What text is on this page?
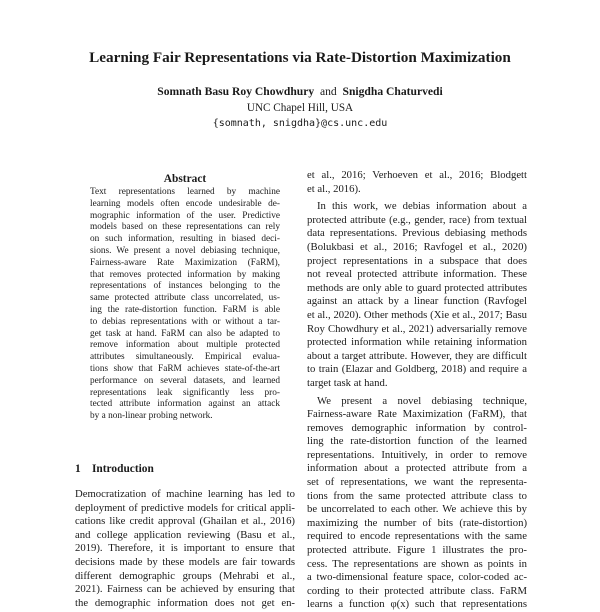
Learning Fair Representations via Rate-Distortion Maximization
Somnath Basu Roy Chowdhury and Snigdha Chaturvedi
UNC Chapel Hill, USA
{somnath, snigdha}@cs.unc.edu
Abstract
Text representations learned by machine
learning models often encode undesirable de-
mographic information of the user. Predictive
models based on these representations can rely
on such information, resulting in biased deci-
sions. We present a novel debiasing technique,
Fairness-aware Rate Maximization (FaRM),
that removes protected information by making
representations of instances belonging to the
same protected attribute class uncorrelated, us-
ing the rate-distortion function. FaRM is able
to debias representations with or without a tar-
get task at hand. FaRM can also be adapted to
remove information about multiple protected
attributes simultaneously. Empirical evalua-
tions show that FaRM achieves state-of-the-art
performance on several datasets, and learned
representations leak significantly less pro-
tected attribute information against an attack
by a non-linear probing network.
1 Introduction
Democratization of machine learning has led to
deployment of predictive models for critical appli-
cations like credit approval (Ghailan et al., 2016)
and college application reviewing (Basu et al.,
2019). Therefore, it is important to ensure that
decisions made by these models are fair towards
different demographic groups (Mehrabi et al.,
2021). Fairness can be achieved by ensuring that
the demographic information does not get en-
et al., 2016; Verhoeven et al., 2016; Blodgett
et al., 2016).
In this work, we debias information about a
protected attribute (e.g., gender, race) from textual
data representations. Previous debiasing methods
(Bolukbasi et al., 2016; Ravfogel et al., 2020)
project representations in a subspace that does
not reveal protected attribute information. These
methods are only able to guard protected attributes
against an attack by a linear function (Ravfogel
et al., 2020). Other methods (Xie et al., 2017; Basu
Roy Chowdhury et al., 2021) adversarially remove
protected information while retaining information
about a target attribute. However, they are difficult
to train (Elazar and Goldberg, 2018) and require a
target task at hand.
We present a novel debiasing technique,
Fairness-aware Rate Maximization (FaRM), that
removes demographic information by control-
ling the rate-distortion function of the learned
representations. Intuitively, in order to remove
information about a protected attribute from a
set of representations, we want the representa-
tions from the same protected attribute class to
be uncorrelated to each other. We achieve this by
maximizing the number of bits (rate-distortion)
required to encode representations with the same
protected attribute. Figure 1 illustrates the pro-
cess. The representations are shown as points in
a two-dimensional feature space, color-coded ac-
cording to their protected attribute class. FaRM
learns a function φ(x) such that representations
